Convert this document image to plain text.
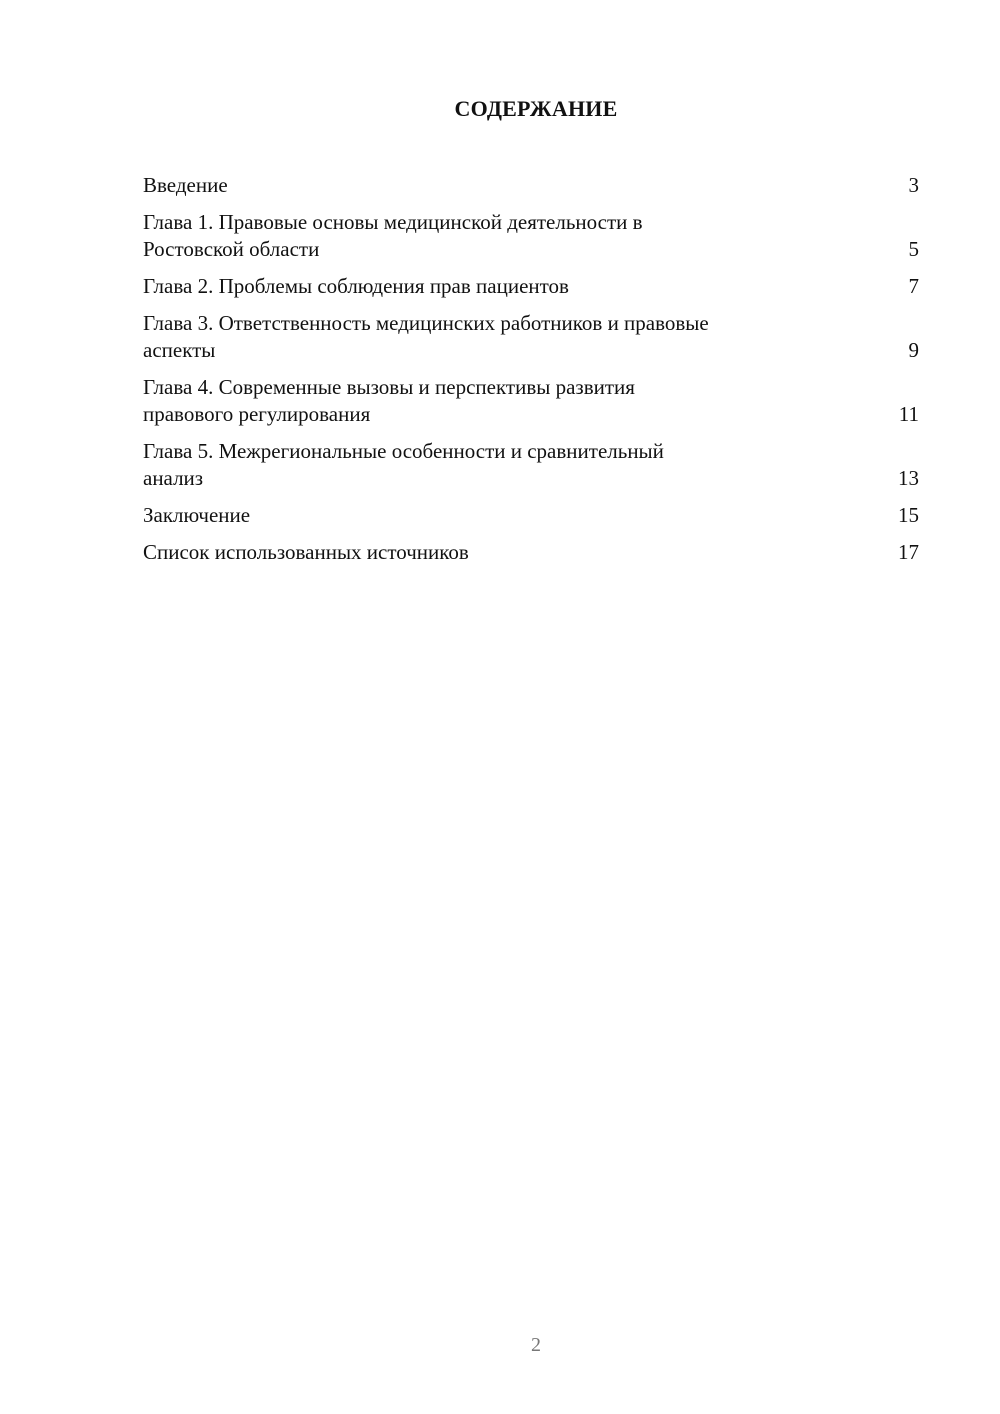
СОДЕРЖАНИЕ
Введение	3
Глава 1. Правовые основы медицинской деятельности в
Ростовской области	5
Глава 2. Проблемы соблюдения прав пациентов	7
Глава 3. Ответственность медицинских работников и правовые
аспекты	9
Глава 4. Современные вызовы и перспективы развития
правового регулирования	11
Глава 5. Межрегиональные особенности и сравнительный
анализ	13
Заключение	15
Список использованных источников	17
2
